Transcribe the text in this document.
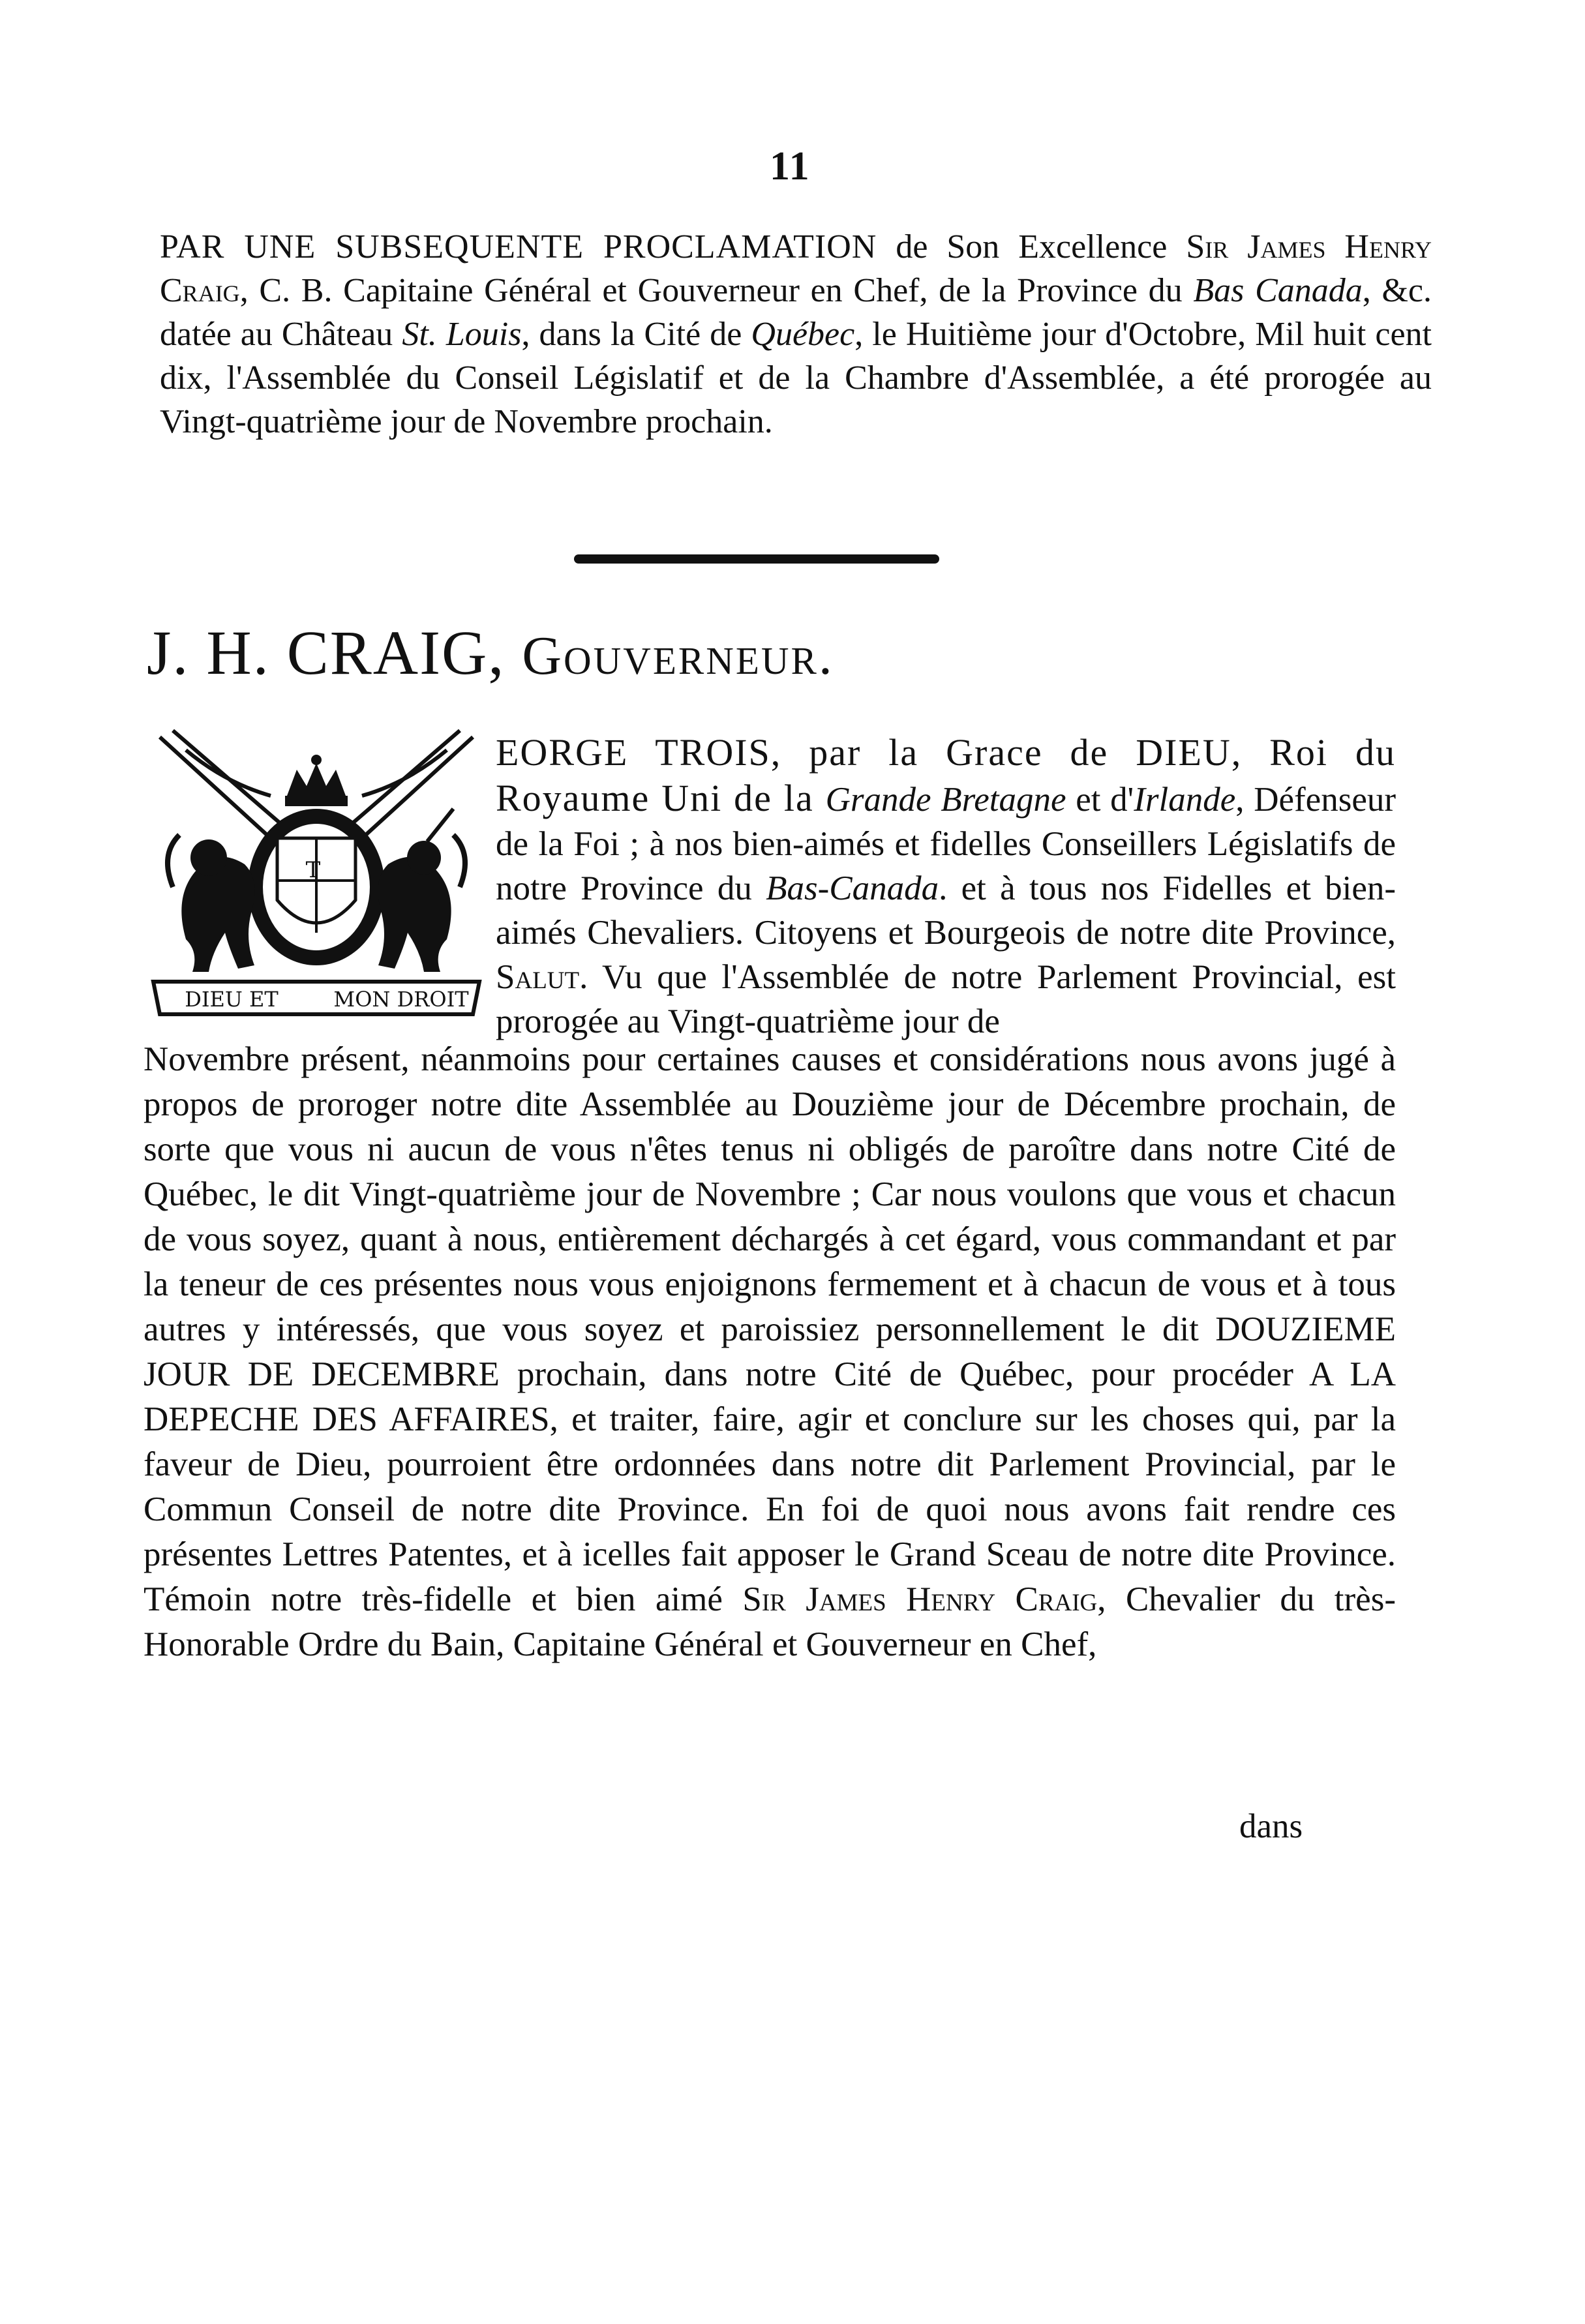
11
PAR UNE SUBSEQUENTE PROCLAMATION de Son Excellence Sir James Henry Craig, C. B. Capitaine Général et Gouverneur en Chef, de la Province du Bas Canada, &c. datée au Château St. Louis, dans la Cité de Québec, le Huitième jour d'Octobre, Mil huit cent dix, l'Assemblée du Conseil Législatif et de la Chambre d'Assemblée, a été prorogée au Vingt-quatrième jour de Novembre prochain.
J. H. CRAIG, Gouverneur.
T
DIEU ET	MON DROIT
EORGE TROIS, par la Grace de DIEU, Roi du Royaume Uni de la Grande Bretagne et d'Irlande, Défenseur de la Foi ; à nos bien-aimés et fidelles Conseillers Législatifs de notre Province du Bas-Canada. et à tous nos Fidelles et bien-aimés Chevaliers. Citoyens et Bourgeois de notre dite Province, Salut. Vu que l'Assemblée de notre Parlement Provincial, est prorogée au Vingt-quatrième jour de
Novembre présent, néanmoins pour certaines causes et considérations nous avons jugé à propos de proroger notre dite Assemblée au Douzième jour de Décembre prochain, de sorte que vous ni aucun de vous n'êtes tenus ni obligés de paroître dans notre Cité de Québec, le dit Vingt-quatrième jour de Novembre ; Car nous voulons que vous et chacun de vous soyez, quant à nous, entièrement déchargés à cet égard, vous commandant et par la teneur de ces présentes nous vous enjoignons fermement et à chacun de vous et à tous autres y intéressés, que vous soyez et paroissiez personnellement le dit DOUZIEME JOUR DE DECEMBRE prochain, dans notre Cité de Québec, pour procéder A LA DEPECHE DES AFFAIRES, et traiter, faire, agir et conclure sur les choses qui, par la faveur de Dieu, pourroient être ordonnées dans notre dit Parlement Provincial, par le Commun Conseil de notre dite Province. En foi de quoi nous avons fait rendre ces présentes Lettres Patentes, et à icelles fait apposer le Grand Sceau de notre dite Province. Témoin notre très-fidelle et bien aimé Sir James Henry Craig, Chevalier du très-Honorable Ordre du Bain, Capitaine Général et Gouverneur en Chef,
dans
